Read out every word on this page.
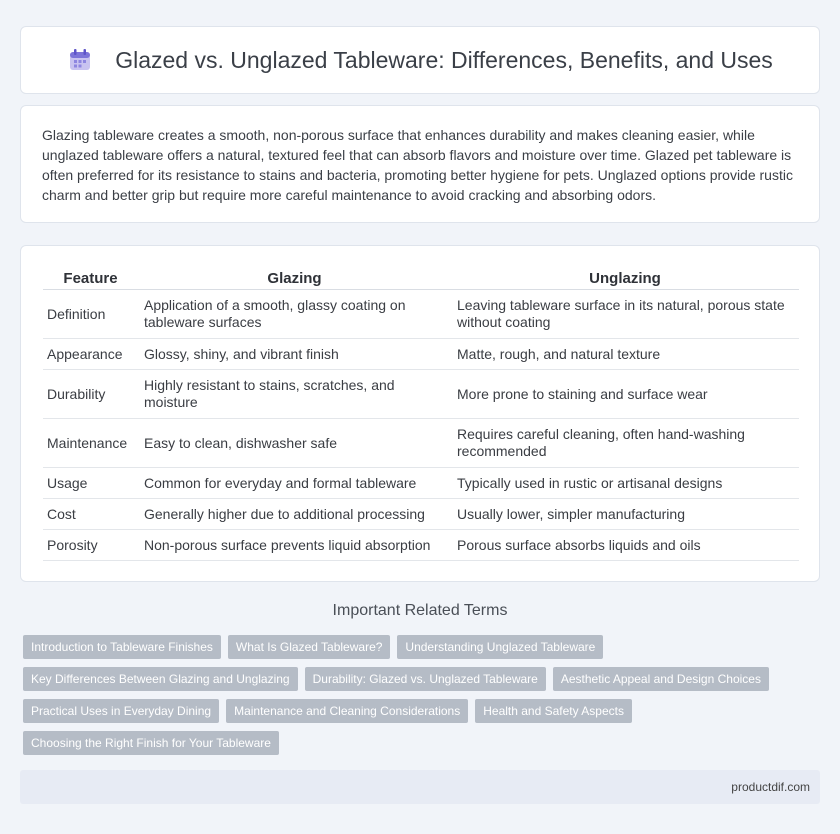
Glazed vs. Unglazed Tableware: Differences, Benefits, and Uses

Glazing tableware creates a smooth, non-porous surface that enhances durability and makes cleaning easier, while unglazed tableware offers a natural, textured feel that can absorb flavors and moisture over time. Glazed pet tableware is often preferred for its resistance to stains and bacteria, promoting better hygiene for pets. Unglazed options provide rustic charm and better grip but require more careful maintenance to avoid cracking and absorbing odors.

Feature	Glazing	Unglazing
Definition	Application of a smooth, glassy coating on tableware surfaces	Leaving tableware surface in its natural, porous state without coating
Appearance	Glossy, shiny, and vibrant finish	Matte, rough, and natural texture
Durability	Highly resistant to stains, scratches, and moisture	More prone to staining and surface wear
Maintenance	Easy to clean, dishwasher safe	Requires careful cleaning, often hand-washing recommended
Usage	Common for everyday and formal tableware	Typically used in rustic or artisanal designs
Cost	Generally higher due to additional processing	Usually lower, simpler manufacturing
Porosity	Non-porous surface prevents liquid absorption	Porous surface absorbs liquids and oils
Important Related Terms
Introduction to Tableware Finishes	What Is Glazed Tableware?	Understanding Unglazed Tableware
Key Differences Between Glazing and Unglazing	Durability: Glazed vs. Unglazed Tableware	Aesthetic Appeal and Design Choices
Practical Uses in Everyday Dining	Maintenance and Cleaning Considerations	Health and Safety Aspects
Choosing the Right Finish for Your Tableware
productdif.com
